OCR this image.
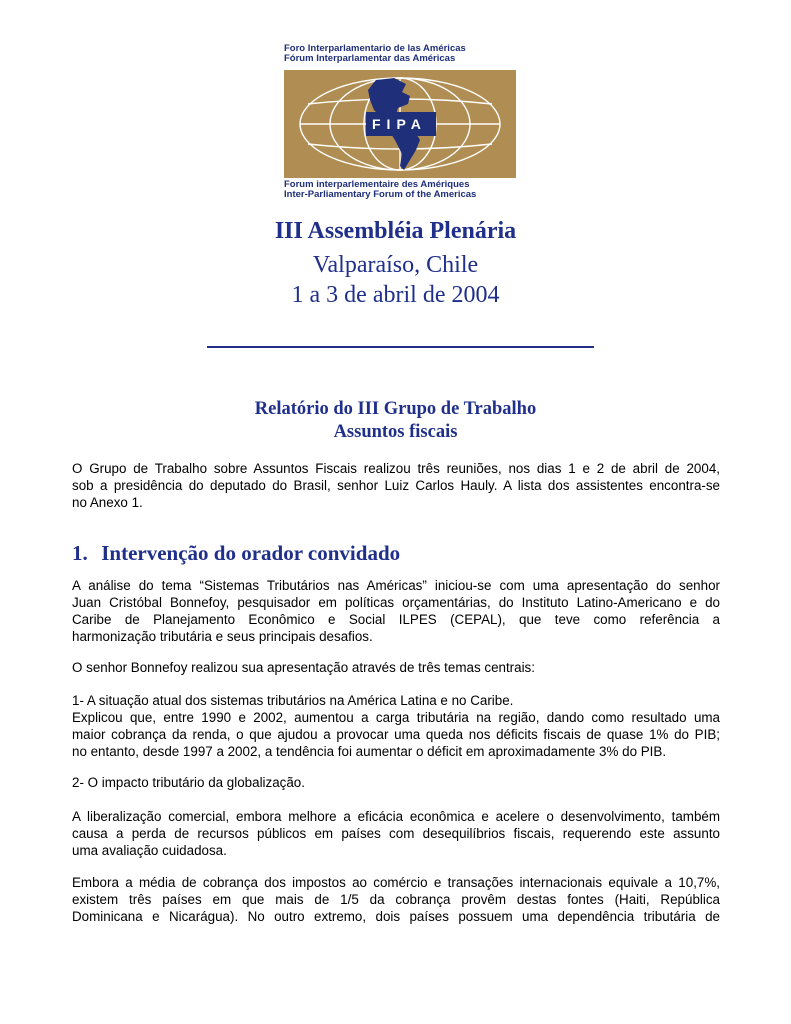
Foro Interparlamentario de las Américas
Fórum Interparlamentar das Américas
FIPA
Forum interparlementaire des Amériques
Inter-Parliamentary Forum of the Americas
III Assembléia Plenária
Valparaíso, Chile
1 a 3 de abril de 2004
Relatório do III Grupo de Trabalho
Assuntos fiscais
O Grupo de Trabalho sobre Assuntos Fiscais realizou três reuniões, nos dias 1 e 2 de abril de 2004,
sob a presidência do deputado do Brasil, senhor Luiz Carlos Hauly. A lista dos assistentes encontra-se
no Anexo 1.
1. Intervenção do orador convidado
A análise do tema “Sistemas Tributários nas Américas” iniciou-se com uma apresentação do senhor
Juan Cristóbal Bonnefoy, pesquisador em políticas orçamentárias, do Instituto Latino-Americano e do
Caribe de Planejamento Econômico e Social ILPES (CEPAL), que teve como referência a
harmonização tributária e seus principais desafios.
O senhor Bonnefoy realizou sua apresentação através de três temas centrais:
1- A situação atual dos sistemas tributários na América Latina e no Caribe.
Explicou que, entre 1990 e 2002, aumentou a carga tributária na região, dando como resultado uma
maior cobrança da renda, o que ajudou a provocar uma queda nos déficits fiscais de quase 1% do PIB;
no entanto, desde 1997 a 2002, a tendência foi aumentar o déficit em aproximadamente 3% do PIB.
2- O impacto tributário da globalização.
A liberalização comercial, embora melhore a eficácia econômica e acelere o desenvolvimento, também
causa a perda de recursos públicos em países com desequilíbrios fiscais, requerendo este assunto
uma avaliação cuidadosa.
Embora a média de cobrança dos impostos ao comércio e transações internacionais equivale a 10,7%,
existem três países em que mais de 1/5 da cobrança provêm destas fontes (Haiti, República
Dominicana e Nicarágua). No outro extremo, dois países possuem uma dependência tributária de
